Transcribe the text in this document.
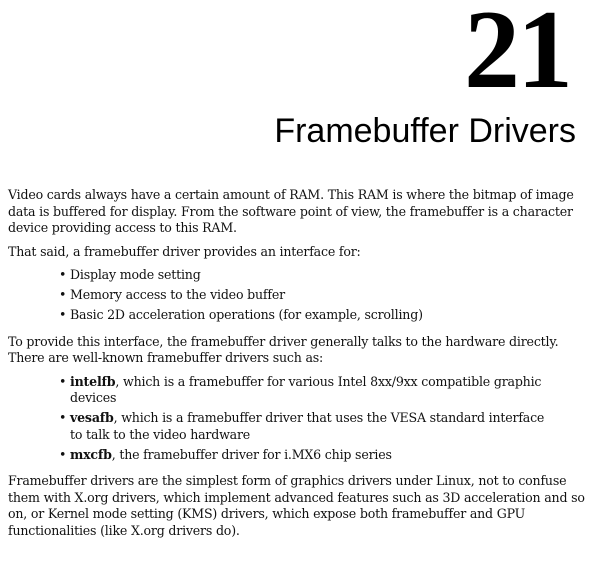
21
Framebuffer Drivers

Video cards always have a certain amount of RAM. This RAM is where the bitmap of image data is buffered for display. From the software point of view, the framebuffer is a character device providing access to this RAM.

That said, a framebuffer driver provides an interface for:

• Display mode setting
• Memory access to the video buffer
• Basic 2D acceleration operations (for example, scrolling)

To provide this interface, the framebuffer driver generally talks to the hardware directly. There are well-known framebuffer drivers such as:

• intelfb, which is a framebuffer for various Intel 8xx/9xx compatible graphic devices
• vesafb, which is a framebuffer driver that uses the VESA standard interface to talk to the video hardware
• mxcfb, the framebuffer driver for i.MX6 chip series

Framebuffer drivers are the simplest form of graphics drivers under Linux, not to confuse them with X.org drivers, which implement advanced features such as 3D acceleration and so on, or Kernel mode setting (KMS) drivers, which expose both framebuffer and GPU functionalities (like X.org drivers do).
